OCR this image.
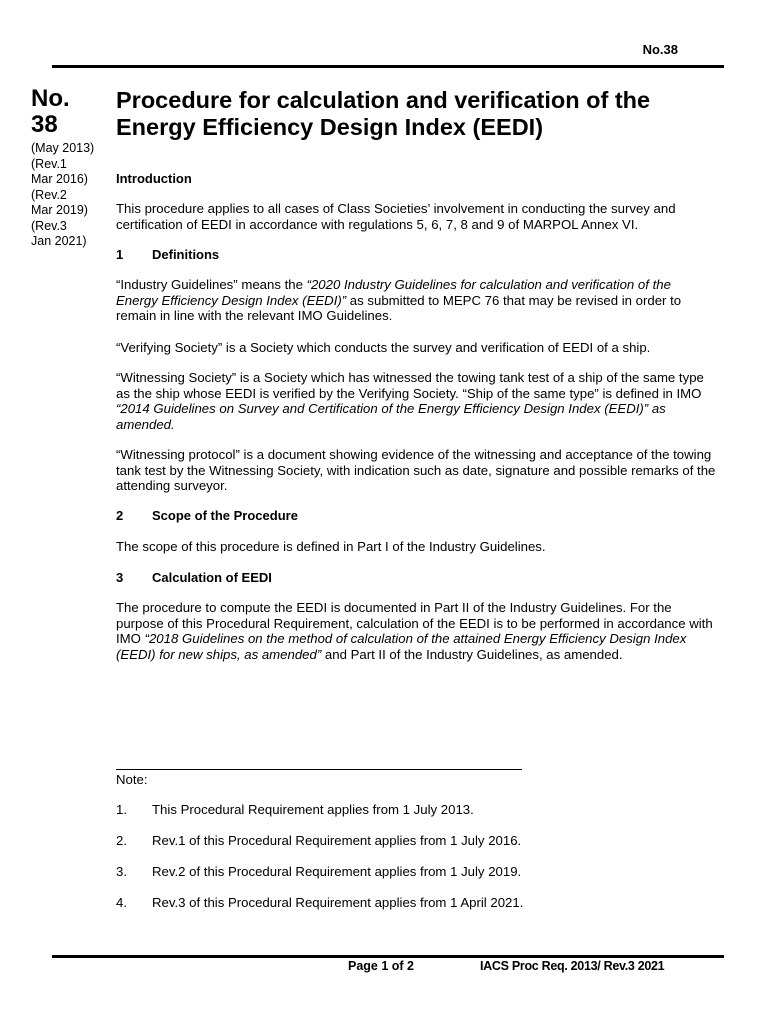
No.38
No.
38
(May 2013)
(Rev.1
Mar 2016)
(Rev.2
Mar 2019)
(Rev.3
Jan 2021)
Procedure for calculation and verification of the Energy Efficiency Design Index (EEDI)
Introduction
This procedure applies to all cases of Class Societies’ involvement in conducting the survey and certification of EEDI in accordance with regulations 5, 6, 7, 8 and 9 of MARPOL Annex VI.
1 Definitions
“Industry Guidelines” means the “2020 Industry Guidelines for calculation and verification of the Energy Efficiency Design Index (EEDI)” as submitted to MEPC 76 that may be revised in order to remain in line with the relevant IMO Guidelines.
“Verifying Society” is a Society which conducts the survey and verification of EEDI of a ship.
“Witnessing Society” is a Society which has witnessed the towing tank test of a ship of the same type as the ship whose EEDI is verified by the Verifying Society. “Ship of the same type” is defined in IMO “2014 Guidelines on Survey and Certification of the Energy Efficiency Design Index (EEDI)” as amended.
“Witnessing protocol” is a document showing evidence of the witnessing and acceptance of the towing tank test by the Witnessing Society, with indication such as date, signature and possible remarks of the attending surveyor.
2 Scope of the Procedure
The scope of this procedure is defined in Part I of the Industry Guidelines.
3 Calculation of EEDI
The procedure to compute the EEDI is documented in Part II of the Industry Guidelines. For the purpose of this Procedural Requirement, calculation of the EEDI is to be performed in accordance with IMO “2018 Guidelines on the method of calculation of the attained Energy Efficiency Design Index (EEDI) for new ships, as amended” and Part II of the Industry Guidelines, as amended.
Note:
1. This Procedural Requirement applies from 1 July 2013.
2. Rev.1 of this Procedural Requirement applies from 1 July 2016.
3. Rev.2 of this Procedural Requirement applies from 1 July 2019.
4. Rev.3 of this Procedural Requirement applies from 1 April 2021.
Page 1 of 2	IACS Proc Req. 2013/ Rev.3 2021
